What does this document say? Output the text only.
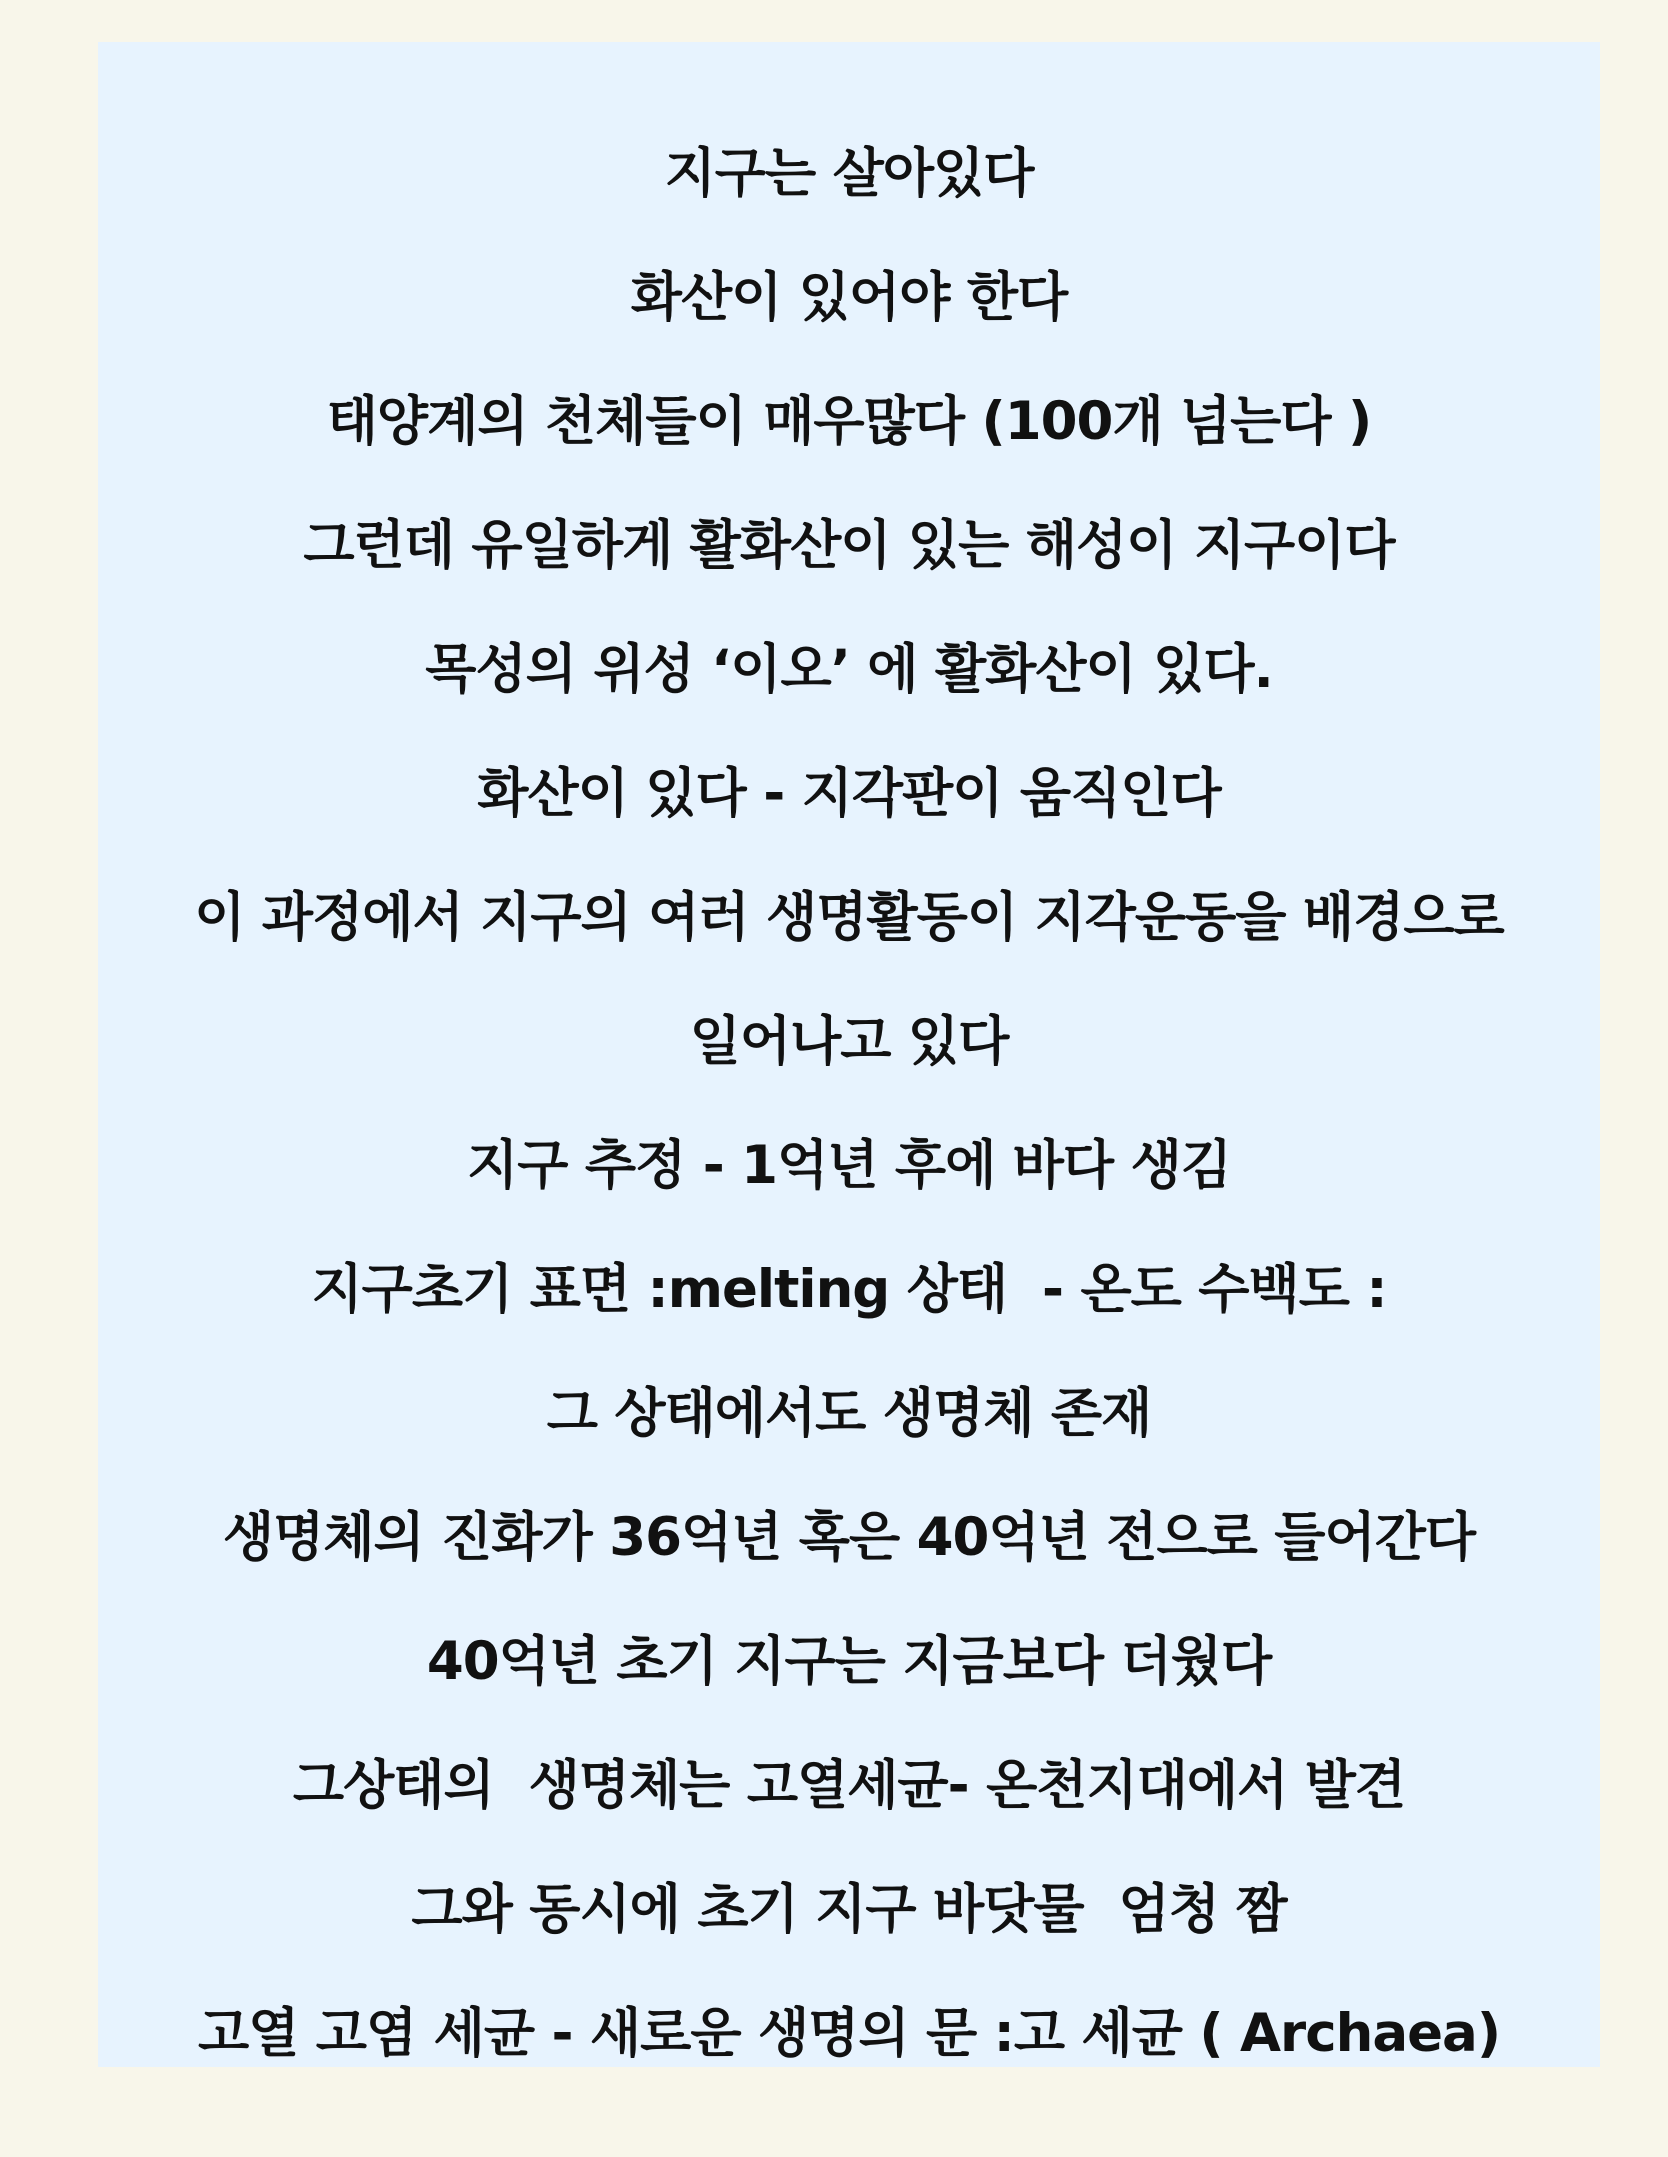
지구는 살아있다

화산이 있어야 한다

태양계의 천체들이 매우많다 (100개 넘는다 )

그런데 유일하게 활화산이 있는 해성이 지구이다

목성의 위성 ‘이오’ 에 활화산이 있다.

화산이 있다 - 지각판이 움직인다

이 과정에서 지구의 여러 생명활동이 지각운동을 배경으로

일어나고 있다

지구 추정 - 1억년 후에 바다 생김

지구초기 표면 :melting 상태  - 온도 수백도 :

그 상태에서도 생명체 존재

생명체의 진화가 36억년 혹은 40억년 전으로 들어간다

40억년 초기 지구는 지금보다 더웠다

그상태의  생명체는 고열세균- 온천지대에서 발견

그와 동시에 초기 지구 바닷물  엄청 짬

고열 고염 세균 - 새로운 생명의 문 :고 세균 ( Archaea)
